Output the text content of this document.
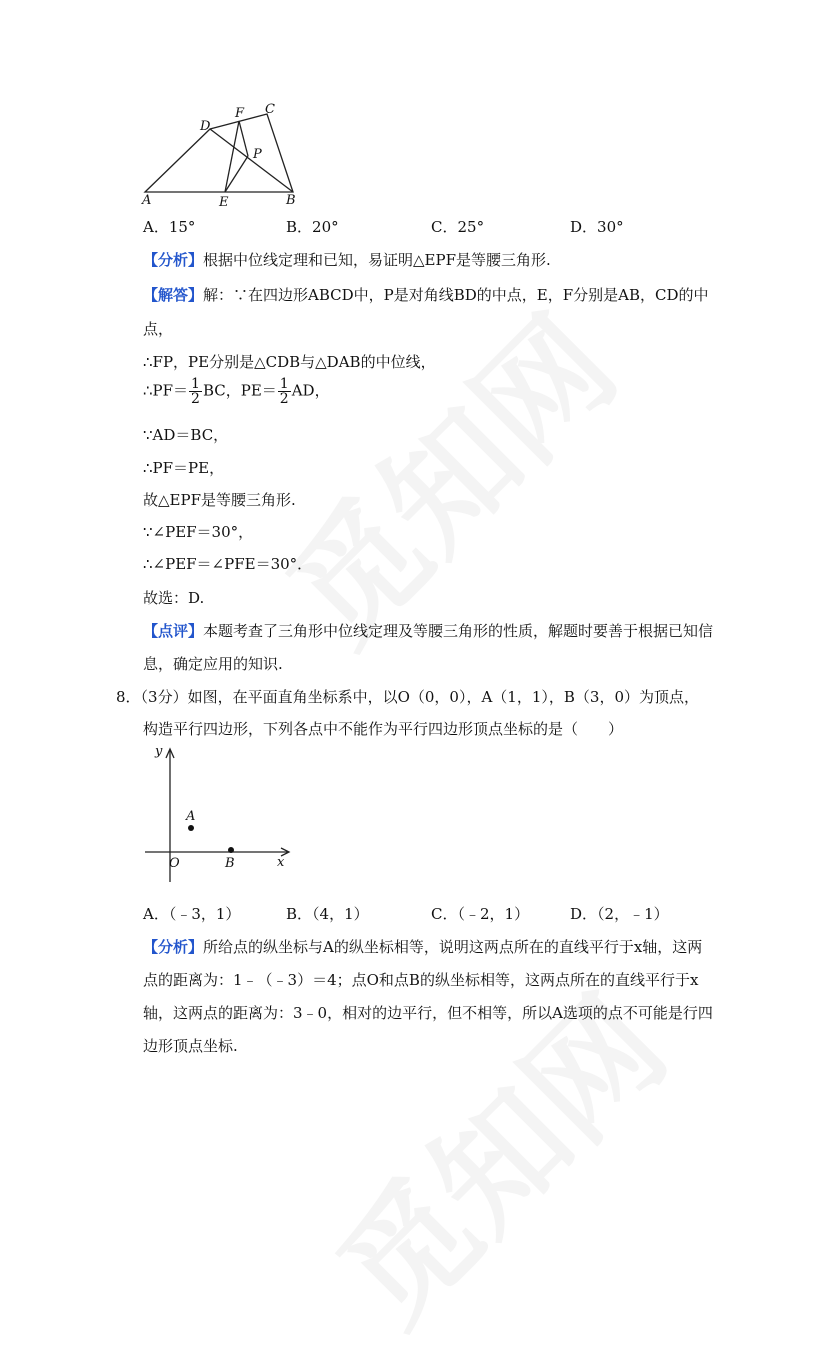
D
F C
P
A	E	B
A．15°	B．20°	C．25°	D．30°
【分析】根据中位线定理和已知，易证明△EPF是等腰三角形.
【解答】解：∵在四边形ABCD中，P是对角线BD的中点，E，F分别是AB，CD的中
点，
∴FP，PE分别是△CDB与△DAB的中位线，
∴PF＝ $\frac{1}{2}$ BC，$PE= \frac{1}{2}$ AD，
∵AD＝BC，
∴PF＝PE，
故△EPF是等腰三角形.
∵∠PEF＝30°，
∴∠PEF＝∠PFE＝30°．
故选：D.
【点评】本题考查了三角形中位线定理及等腰三角形的性质，解题时要善于根据已知信
息，确定应用的知识.
8．（3分）如图，在平面直角坐标系中，以O（0，0），A（1，1），B（3，0）为顶点，
构造平行四边形，下列各点中不能作为平行四边形顶点坐标的是（　　）
y
A
O	B	x
A．（﹣3，1）	B．（4，1）	C．（﹣2，1）	D．（2，﹣1）
【分析】所给点的纵坐标与A的纵坐标相等，说明这两点所在的直线平行于x轴，这两
点的距离为：1﹣（﹣3）＝4；点O和点B的纵坐标相等，这两点所在的直线平行于x
轴，这两点的距离为：3﹣0，相对的边平行，但不相等，所以A选项的点不可能是行四
边形顶点坐标.
